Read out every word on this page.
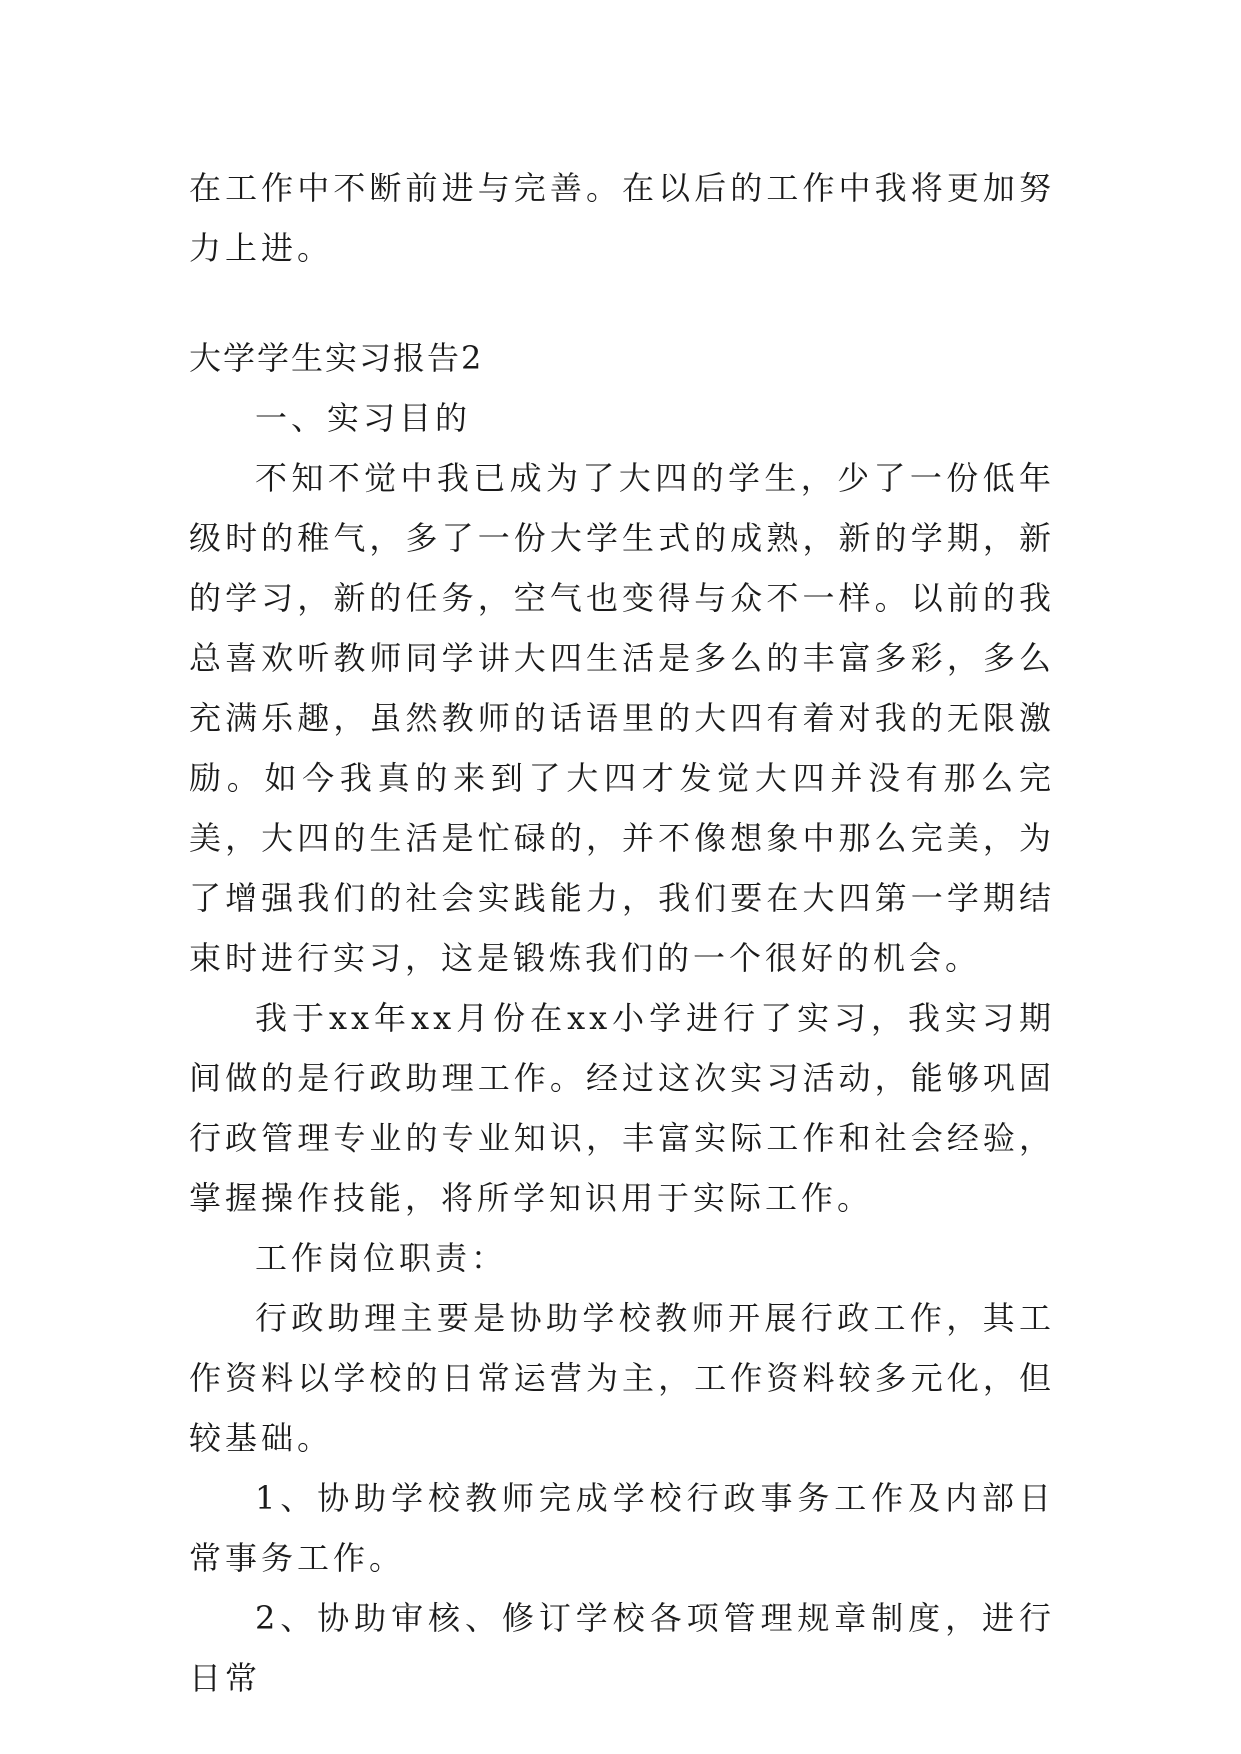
在工作中不断前进与完善。在以后的工作中我将更加努力上进。

大学学生实习报告2

一、实习目的

不知不觉中我已成为了大四的学生，少了一份低年级时的稚气，多了一份大学生式的成熟，新的学期，新的学习，新的任务，空气也变得与众不一样。以前的我总喜欢听教师同学讲大四生活是多么的丰富多彩，多么充满乐趣，虽然教师的话语里的大四有着对我的无限激励。如今我真的来到了大四才发觉大四并没有那么完美，大四的生活是忙碌的，并不像想象中那么完美，为了增强我们的社会实践能力，我们要在大四第一学期结束时进行实习，这是锻炼我们的一个很好的机会。

我于xx年xx月份在xx小学进行了实习，我实习期间做的是行政助理工作。经过这次实习活动，能够巩固行政管理专业的专业知识，丰富实际工作和社会经验，掌握操作技能，将所学知识用于实际工作。

工作岗位职责：

行政助理主要是协助学校教师开展行政工作，其工作资料以学校的日常运营为主，工作资料较多元化，但较基础。

1、协助学校教师完成学校行政事务工作及内部日常事务工作。

2、协助审核、修订学校各项管理规章制度，进行日常
